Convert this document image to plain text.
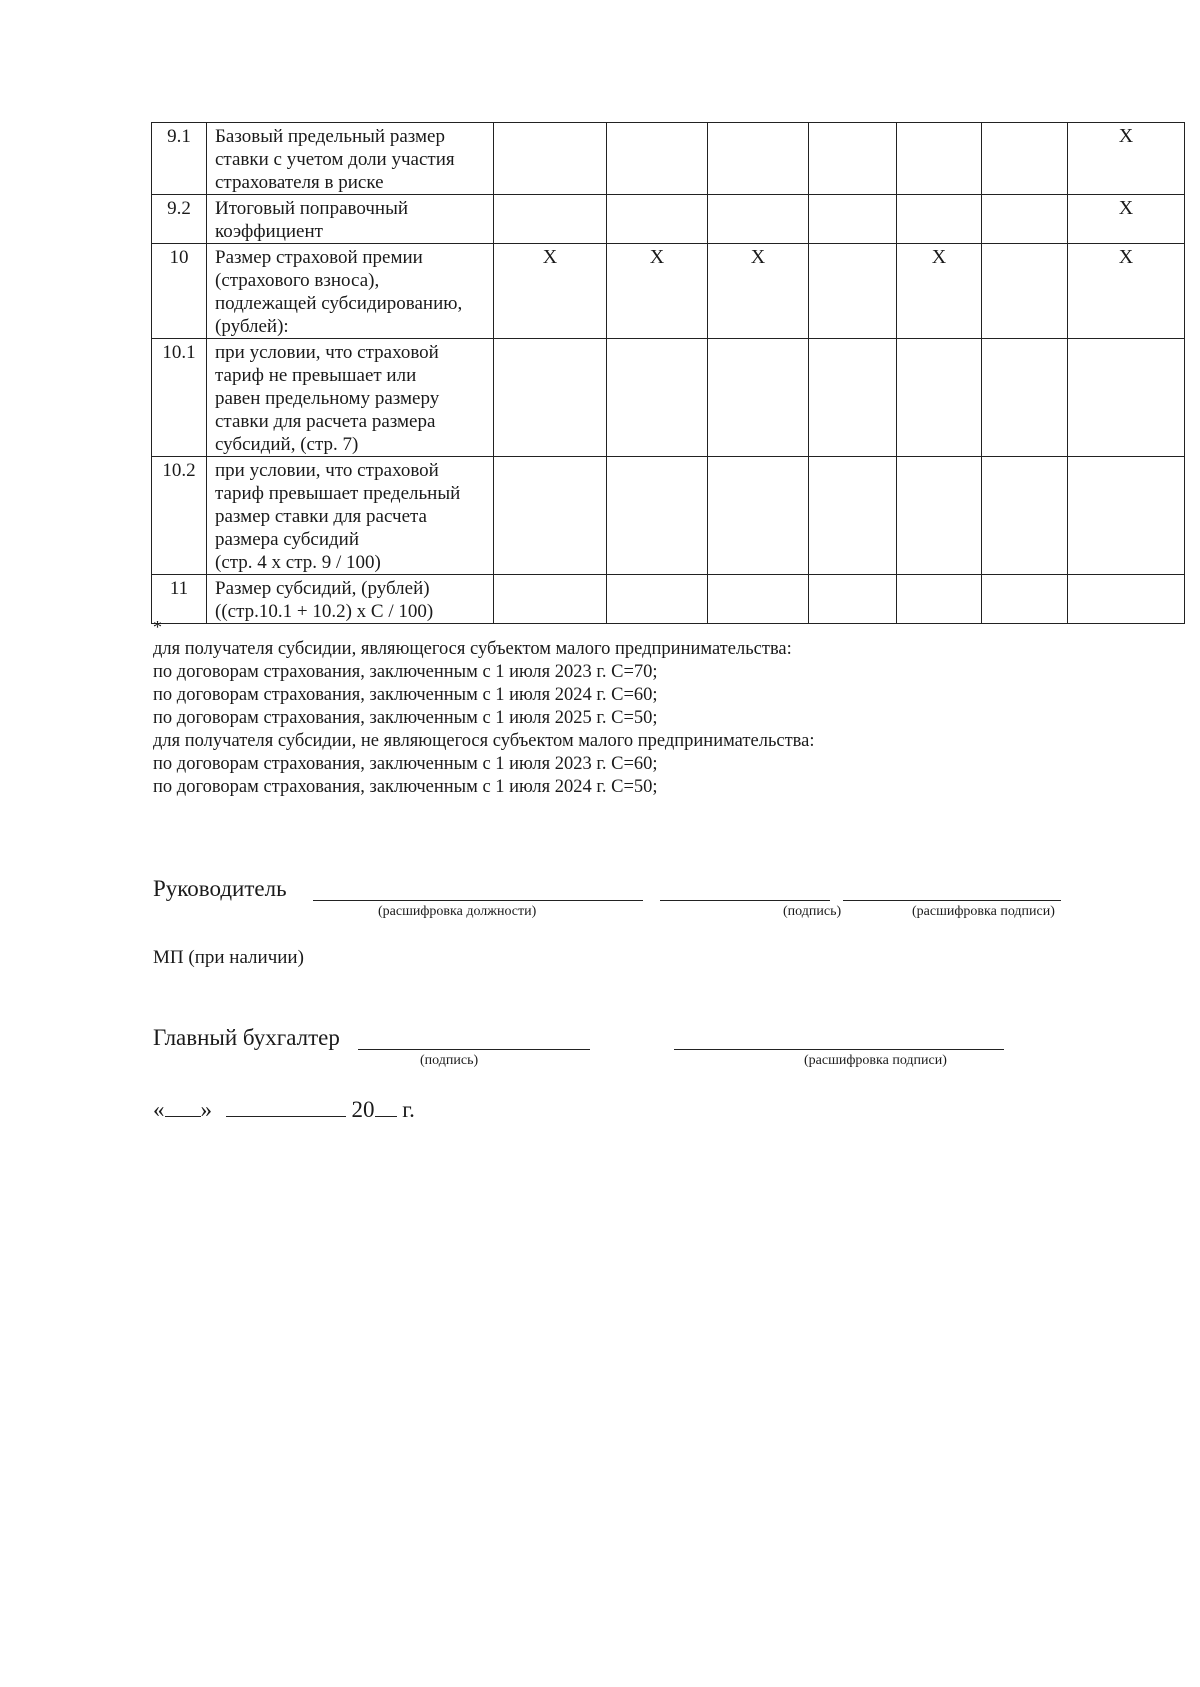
9.1	Базовый предельный размер
ставки с учетом доли участия
страхователя в риске							Х
9.2	Итоговый поправочный
коэффициент							Х
10	Размер страховой премии
(страхового взноса),
подлежащей субсидированию,
(рублей):	Х	Х	Х		Х		Х
10.1	при условии, что страховой
тариф не превышает или
равен предельному размеру
ставки для расчета размера
субсидий, (стр. 7)							

10.2	при условии, что страховой
тариф превышает предельный
размер ставки для расчета
размера субсидий
(стр. 4 х стр. 9 / 100)							

11	Размер субсидий, (рублей)
((стр.10.1 + 10.2) х С / 100)							

*
для получателя субсидии, являющегося субъектом малого предпринимательства:
по договорам страхования, заключенным с 1 июля 2023 г. С=70;
по договорам страхования, заключенным с 1 июля 2024 г. С=60;
по договорам страхования, заключенным с 1 июля 2025 г. С=50;
для получателя субсидии, не являющегося субъектом малого предпринимательства:
по договорам страхования, заключенным с 1 июля 2023 г. С=60;
по договорам страхования, заключенным с 1 июля 2024 г. С=50;
Руководитель
(расшифровка должности)	(подпись)	(расшифровка подписи)
МП (при наличии)
Главный бухгалтер
(подпись)	(расшифровка подписи)
« »	20 г.
